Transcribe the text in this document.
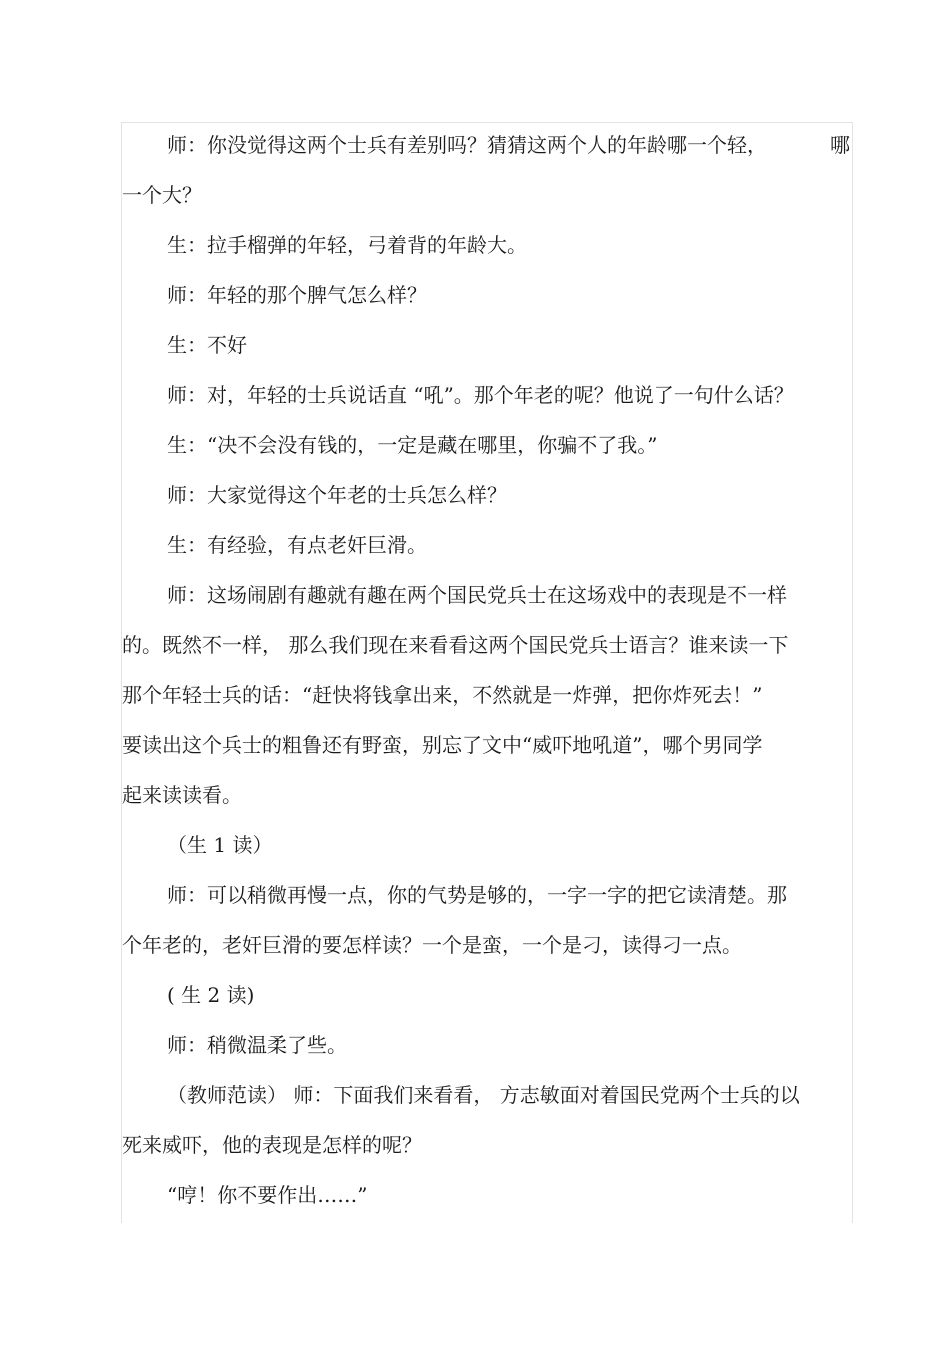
师：你没觉得这两个士兵有差别吗？猜猜这两个人的年龄哪一个轻，	哪
一个大？
生：拉手榴弹的年轻，弓着背的年龄大。
师：年轻的那个脾气怎么样？
生：不好
师：对，年轻的士兵说话直 “吼”。那个年老的呢？他说了一句什么话？
生：“决不会没有钱的，一定是藏在哪里，你骗不了我。”
师：大家觉得这个年老的士兵怎么样？
生：有经验，有点老奸巨滑。
师：这场闹剧有趣就有趣在两个国民党兵士在这场戏中的表现是不一样
的。既然不一样， 那么我们现在来看看这两个国民党兵士语言？谁来读一下
那个年轻士兵的话：“赶快将钱拿出来，不然就是一炸弹，把你炸死去！”
要读出这个兵士的粗鲁还有野蛮，别忘了文中“威吓地吼道”，哪个男同学
起来读读看。
（生 1 读）
师：可以稍微再慢一点，你的气势是够的，一字一字的把它读清楚。那
个年老的，老奸巨滑的要怎样读？一个是蛮，一个是刁，读得刁一点。
( 生 2 读)
师：稍微温柔了些。
（教师范读） 师：下面我们来看看， 方志敏面对着国民党两个士兵的以
死来威吓，他的表现是怎样的呢？
“哼！你不要作出……”
